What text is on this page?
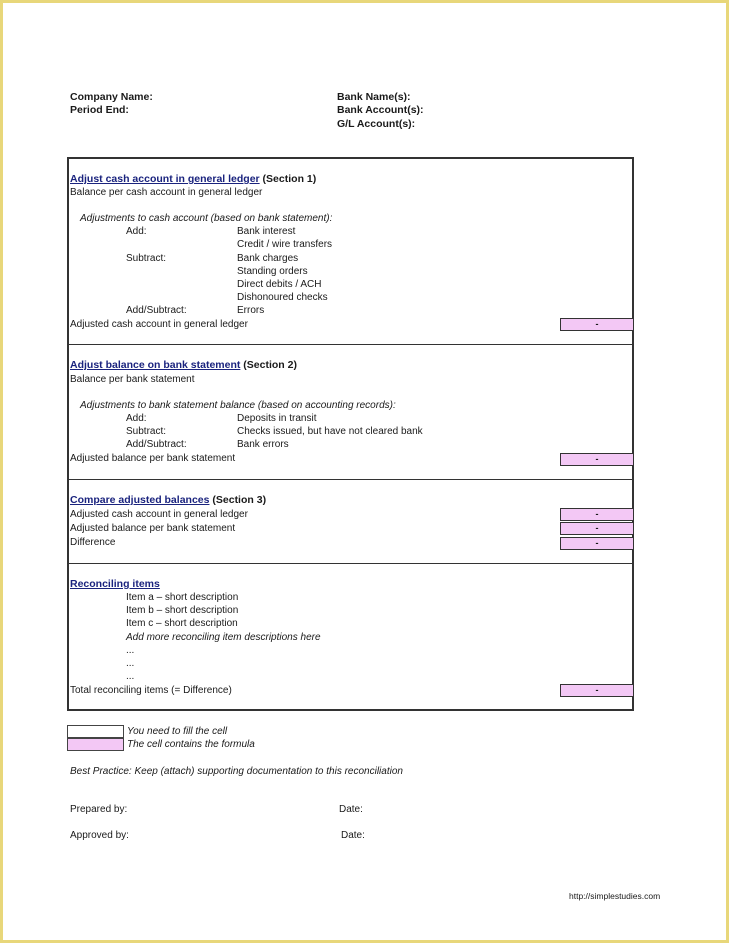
Company Name:
Period End:
Bank Name(s):
Bank Account(s):
G/L Account(s):
Adjust cash account in general ledger (Section 1)
Balance per cash account in general ledger
Adjustments to cash account (based on bank statement):
Add:	Bank interest
Credit / wire transfers
Subtract:	Bank charges
Standing orders
Direct debits / ACH
Dishonoured checks
Add/Subtract:	Errors
Adjusted cash account in general ledger	-
Adjust balance on bank statement (Section 2)
Balance per bank statement
Adjustments to bank statement balance (based on accounting records):
Add:	Deposits in transit
Subtract:	Checks issued, but have not cleared bank
Add/Subtract:	Bank errors
Adjusted balance per bank statement	-
Compare adjusted balances (Section 3)
Adjusted cash account in general ledger	-
Adjusted balance per bank statement	-
Difference	-
Reconciling items
Item a – short description
Item b – short description
Item c – short description
Add more reconciling item descriptions here
...
...
...
Total reconciling items (= Difference)	-
You need to fill the cell
The cell contains the formula
Best Practice: Keep (attach) supporting documentation to this reconciliation
Prepared by:	Date:
Approved by:	Date:
http://simplestudies.com
